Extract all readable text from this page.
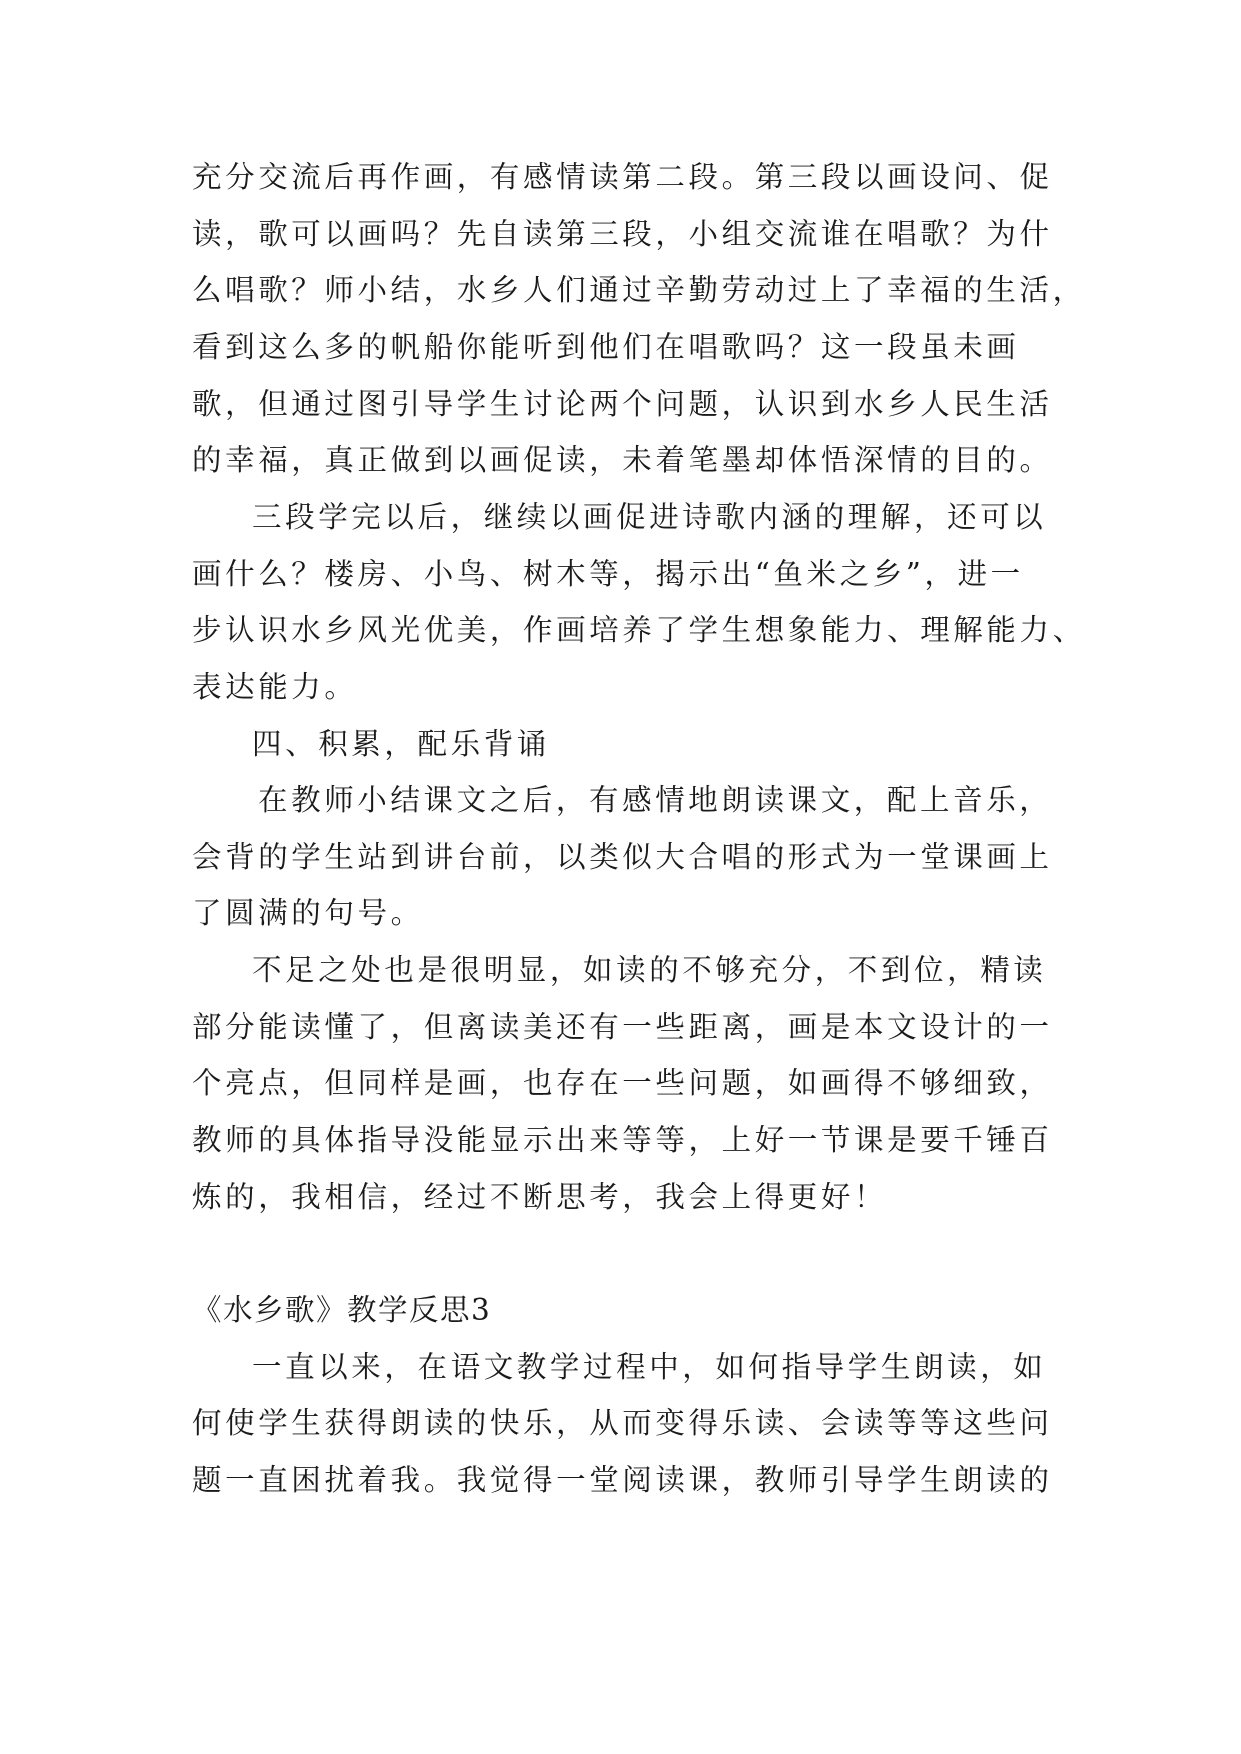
充分交流后再作画，有感情读第二段。第三段以画设问、促
读，歌可以画吗？先自读第三段，小组交流谁在唱歌？为什
么唱歌？师小结，水乡人们通过辛勤劳动过上了幸福的生活，
看到这么多的帆船你能听到他们在唱歌吗？这一段虽未画
歌，但通过图引导学生讨论两个问题，认识到水乡人民生活
的幸福，真正做到以画促读，未着笔墨却体悟深情的目的。
三段学完以后，继续以画促进诗歌内涵的理解，还可以
画什么？楼房、小鸟、树木等，揭示出“鱼米之乡”，进一
步认识水乡风光优美，作画培养了学生想象能力、理解能力、
表达能力。
四、积累，配乐背诵
在教师小结课文之后，有感情地朗读课文，配上音乐，
会背的学生站到讲台前，以类似大合唱的形式为一堂课画上
了圆满的句号。
不足之处也是很明显，如读的不够充分，不到位，精读
部分能读懂了，但离读美还有一些距离，画是本文设计的一
个亮点，但同样是画，也存在一些问题，如画得不够细致，
教师的具体指导没能显示出来等等，上好一节课是要千锤百
炼的，我相信，经过不断思考，我会上得更好！
《水乡歌》教学反思3
一直以来，在语文教学过程中，如何指导学生朗读，如
何使学生获得朗读的快乐，从而变得乐读、会读等等这些问
题一直困扰着我。我觉得一堂阅读课，教师引导学生朗读的
